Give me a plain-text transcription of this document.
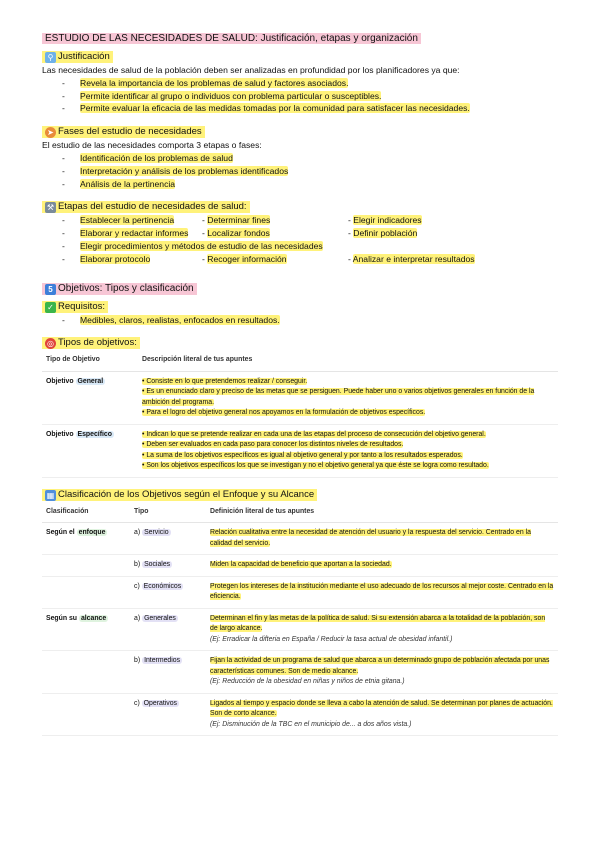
ESTUDIO DE LAS NECESIDADES DE SALUD: Justificación, etapas y organización
⚲ Justificación

Las necesidades de salud de la población deben ser analizadas en profundidad por los planificadores ya que:

- Revela la importancia de los problemas de salud y factores asociados.
- Permite identificar al grupo o individuos con problema particular o susceptibles.
- Permite evaluar la eficacia de las medidas tomadas por la comunidad para satisfacer las necesidades.
➤ Fases del estudio de necesidades

El estudio de las necesidades comporta 3 etapas o fases:

- Identificación de los problemas de salud
- Interpretación y análisis de los problemas identificados
- Análisis de la pertinencia
⚒ Etapas del estudio de necesidades de salud:
- Establecer la pertinencia	- Determinar fines	- Elegir indicadores
- Elaborar y redactar informes	- Localizar fondos	- Definir población
- Elegir procedimientos y métodos de estudio de las necesidades
- Elaborar protocolo	- Recoger información	- Analizar e interpretar resultados
5 Objetivos: Tipos y clasificación
✓ Requisitos:
- Medibles, claros, realistas, enfocados en resultados.
◎ Tipos de objetivos:
Tipo de Objetivo	Descripción literal de tus apuntes
Objetivo General	• Consiste en lo que pretendemos realizar / conseguir.
• Es un enunciado claro y preciso de las metas que se persiguen. Puede haber uno o varios objetivos generales en función de la ambición del programa.
• Para el logro del objetivo general nos apoyamos en la formulación de objetivos específicos.

Objetivo Específico	• Indican lo que se pretende realizar en cada una de las etapas del proceso de consecución del objetivo general.
• Deben ser evaluados en cada paso para conocer los distintos niveles de resultados.
• La suma de los objetivos específicos es igual al objetivo general y por tanto a los resultados esperados.
• Son los objetivos específicos los que se investigan y no el objetivo general ya que éste se logra como resultado.
▦ Clasificación de los Objetivos según el Enfoque y su Alcance
Clasificación	Tipo	Definición literal de tus apuntes
Según el enfoque	a) Servicio	Relación cualitativa entre la necesidad de atención del usuario y la respuesta del servicio. Centrado en la calidad del servicio.
	b) Sociales	Miden la capacidad de beneficio que aportan a la sociedad.
	c) Económicos	Protegen los intereses de la institución mediante el uso adecuado de los recursos al mejor coste. Centrado en la eficiencia.
Según su alcance	a) Generales	Determinan el fin y las metas de la política de salud. Si su extensión abarca a la totalidad de la población, son de largo alcance.
(Ej: Erradicar la difteria en España / Reducir la tasa actual de obesidad infantil.)

	b) Intermedios	Fijan la actividad de un programa de salud que abarca a un determinado grupo de población afectada por unas características comunes. Son de medio alcance.
(Ej: Reducción de la obesidad en niñas y niños de etnia gitana.)

	c) Operativos	Ligados al tiempo y espacio donde se lleva a cabo la atención de salud. Se determinan por planes de actuación. Son de corto alcance.
(Ej: Disminución de la TBC en el municipio de... a dos años vista.)
